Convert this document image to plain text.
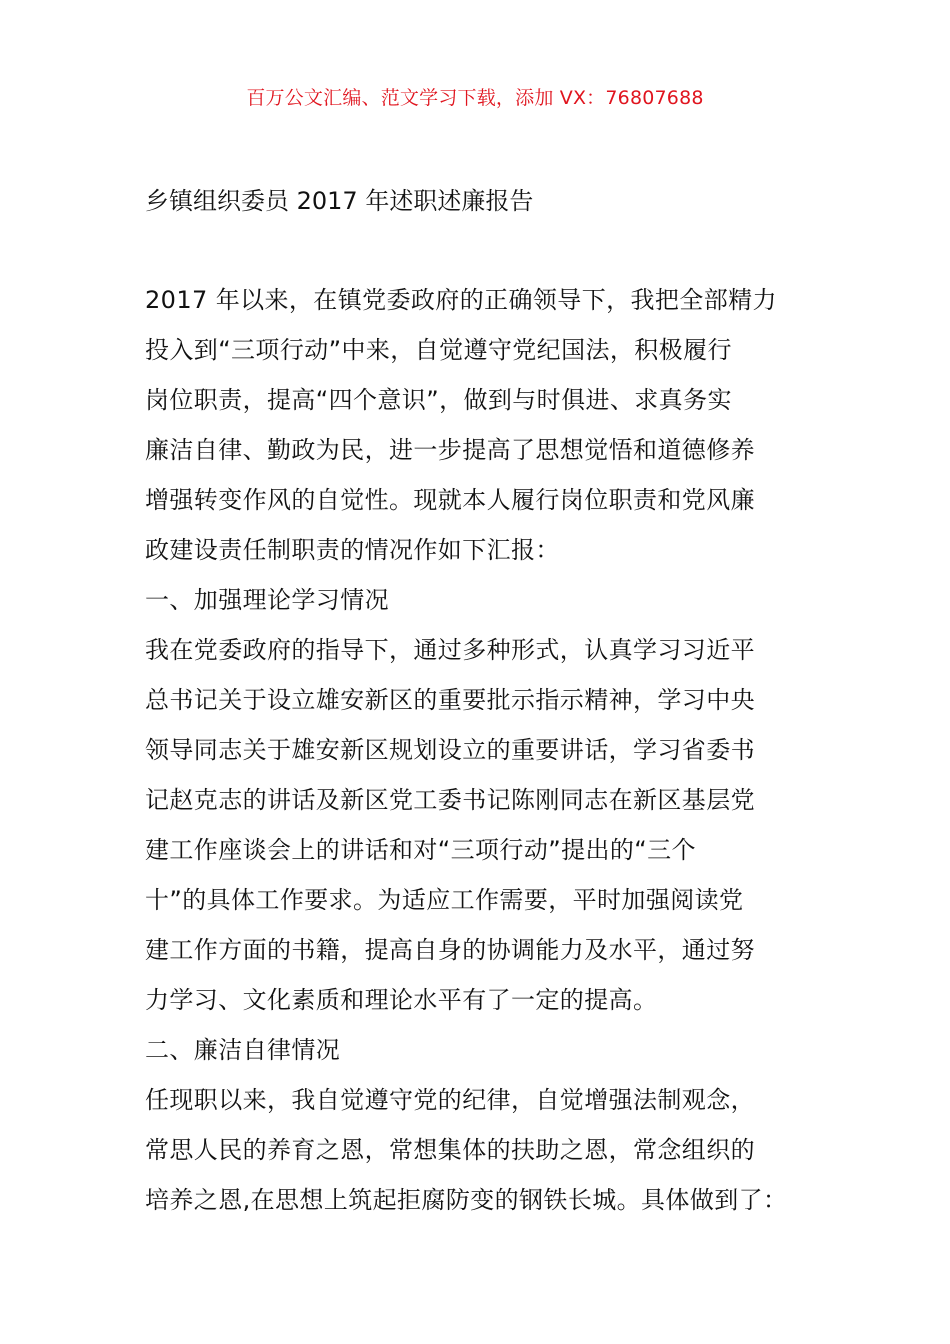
百万公文汇编、范文学习下载，添加 VX：76807688
乡镇组织委员 2017 年述职述廉报告
2017 年以来，在镇党委政府的正确领导下，我把全部精力
投入到“三项行动”中来，自觉遵守党纪国法，积极履行
岗位职责，提高“四个意识”，做到与时俱进、求真务实
廉洁自律、勤政为民，进一步提高了思想觉悟和道德修养
增强转变作风的自觉性。现就本人履行岗位职责和党风廉
政建设责任制职责的情况作如下汇报：
一、加强理论学习情况
我在党委政府的指导下，通过多种形式，认真学习习近平
总书记关于设立雄安新区的重要批示指示精神，学习中央
领导同志关于雄安新区规划设立的重要讲话，学习省委书
记赵克志的讲话及新区党工委书记陈刚同志在新区基层党
建工作座谈会上的讲话和对“三项行动”提出的“三个
十”的具体工作要求。为适应工作需要，平时加强阅读党
建工作方面的书籍，提高自身的协调能力及水平，通过努
力学习、文化素质和理论水平有了一定的提高。
二、廉洁自律情况
任现职以来，我自觉遵守党的纪律，自觉增强法制观念，
常思人民的养育之恩，常想集体的扶助之恩，常念组织的
培养之恩,在思想上筑起拒腐防变的钢铁长城。具体做到了：
